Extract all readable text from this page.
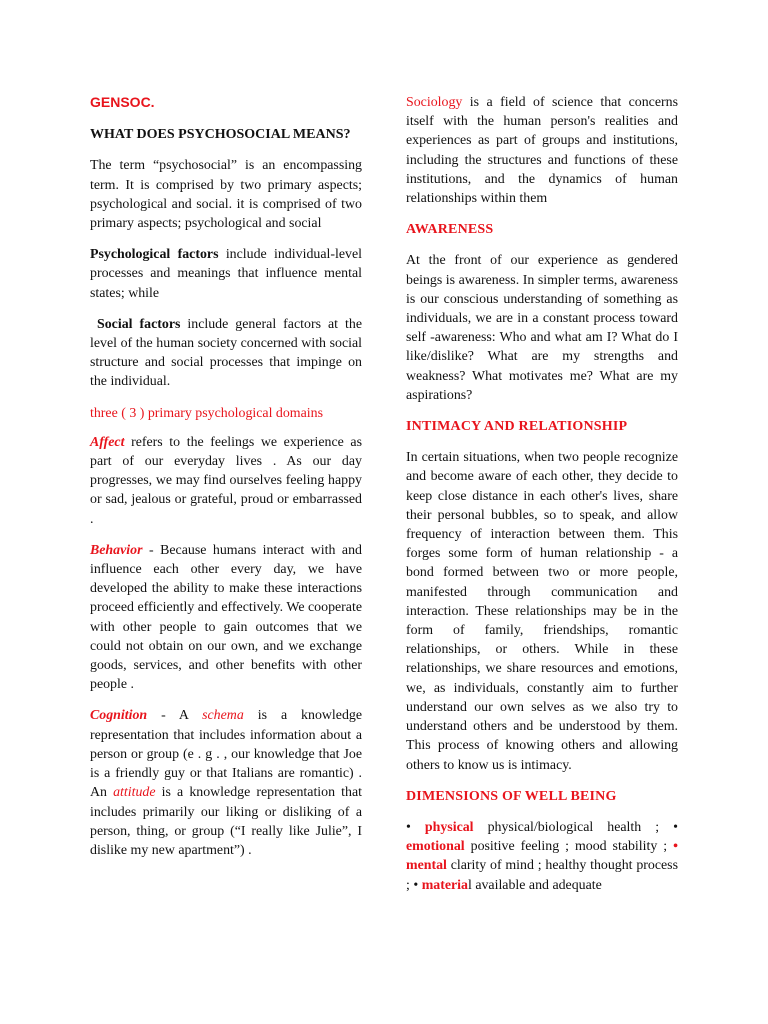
GENSOC.
WHAT DOES PSYCHOSOCIAL MEANS?

The term “psychosocial” is an encompassing term. It is comprised by two primary aspects; psychological and social. it is comprised of two primary aspects; psychological and social

Psychological factors include individual-level processes and meanings that influence mental states; while

Social factors include general factors at the level of the human society concerned with social structure and social processes that impinge on the individual.

three ( 3 ) primary psychological domains

Affect refers to the feelings we experience as part of our everyday lives . As our day progresses, we may find ourselves feeling happy or sad, jealous or grateful, proud or embarrassed .

Behavior - Because humans interact with and influence each other every day, we have developed the ability to make these interactions proceed efficiently and effectively. We cooperate with other people to gain outcomes that we could not obtain on our own, and we exchange goods, services, and other benefits with other people .

Cognition - A schema is a knowledge representation that includes information about a person or group (e . g . , our knowledge that Joe is a friendly guy or that Italians are romantic) . An attitude is a knowledge representation that includes primarily our liking or disliking of a person, thing, or group (“I really like Julie”, I dislike my new apartment”) .

Sociology is a field of science that concerns itself with the human person's realities and experiences as part of groups and institutions, including the structures and functions of these institutions, and the dynamics of human relationships within them

AWARENESS

At the front of our experience as gendered beings is awareness. In simpler terms, awareness is our conscious understanding of something as individuals, we are in a constant process toward self -awareness: Who and what am I? What do I like/dislike? What are my strengths and weakness? What motivates me? What are my aspirations?

INTIMACY AND RELATIONSHIP

In certain situations, when two people recognize and become aware of each other, they decide to keep close distance in each other's lives, share their personal bubbles, so to speak, and allow frequency of interaction between them. This forges some form of human relationship - a bond formed between two or more people, manifested through communication and interaction. These relationships may be in the form of family, friendships, romantic relationships, or others. While in these relationships, we share resources and emotions, we, as individuals, constantly aim to further understand our own selves as we also try to understand others and be understood by them. This process of knowing others and allowing others to know us is intimacy.

DIMENSIONS OF WELL BEING

• physical physical/biological health ; • emotional positive feeling ; mood stability ; • mental clarity of mind ; healthy thought process ; • material available and adequate
